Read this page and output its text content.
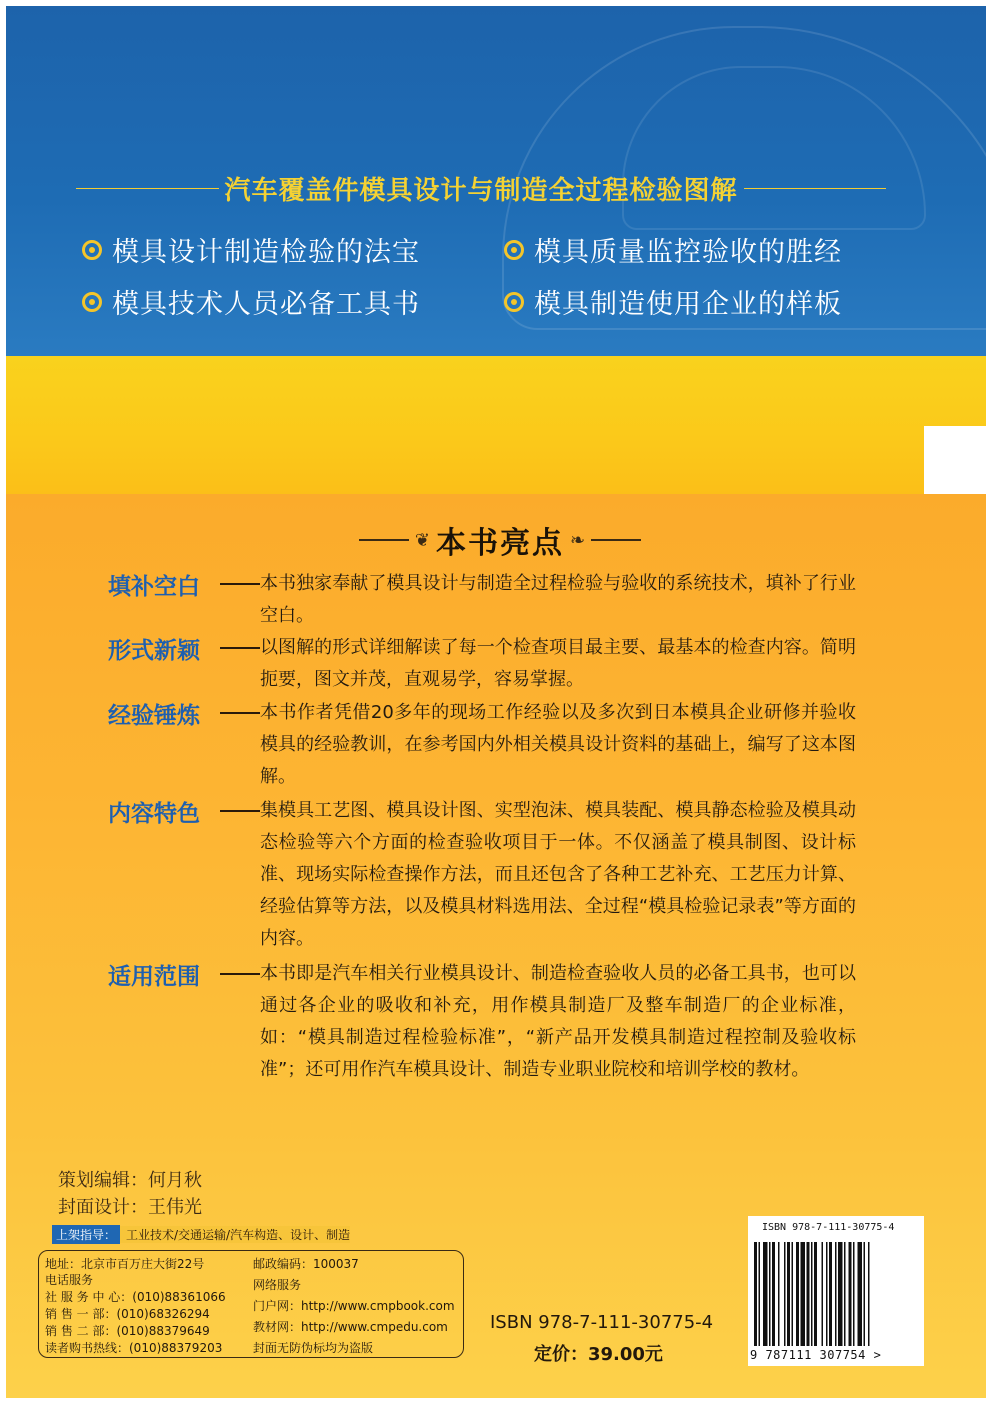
汽车覆盖件模具设计与制造全过程检验图解
模具设计制造检验的法宝	模具质量监控验收的胜经
模具技术人员必备工具书	模具制造使用企业的样板
❦ 本书亮点 ❧
填补空白	本书独家奉献了模具设计与制造全过程检验与验收的系统技术，填补了行业空白。
形式新颖	以图解的形式详细解读了每一个检查项目最主要、最基本的检查内容。简明扼要，图文并茂，直观易学，容易掌握。
经验锤炼	本书作者凭借20多年的现场工作经验以及多次到日本模具企业研修并验收模具的经验教训，在参考国内外相关模具设计资料的基础上，编写了这本图解。
内容特色	集模具工艺图、模具设计图、实型泡沫、模具装配、模具静态检验及模具动态检验等六个方面的检查验收项目于一体。不仅涵盖了模具制图、设计标准、现场实际检查操作方法，而且还包含了各种工艺补充、工艺压力计算、经验估算等方法，以及模具材料选用法、全过程“模具检验记录表”等方面的内容。
适用范围	本书即是汽车相关行业模具设计、制造检查验收人员的必备工具书，也可以通过各企业的吸收和补充，用作模具制造厂及整车制造厂的企业标准，如：“模具制造过程检验标准”，“新产品开发模具制造过程控制及验收标准”；还可用作汽车模具设计、制造专业职业院校和培训学校的教材。
策划编辑：何月秋
封面设计：王伟光
上架指导： 工业技术/交通运输/汽车构造、设计、制造
地址：北京市百万庄大街22号
电话服务
社 服 务 中 心：(010)88361066
销 售 一 部：(010)68326294
销 售 二 部：(010)88379649
读者购书热线：(010)88379203
邮政编码：100037
网络服务
门户网：http://www.cmpbook.com
教材网：http://www.cmpedu.com
封面无防伪标均为盗版
ISBN 978-7-111-30775-4
定价：39.00元
ISBN 978-7-111-30775-4
9 787111 307754 >
